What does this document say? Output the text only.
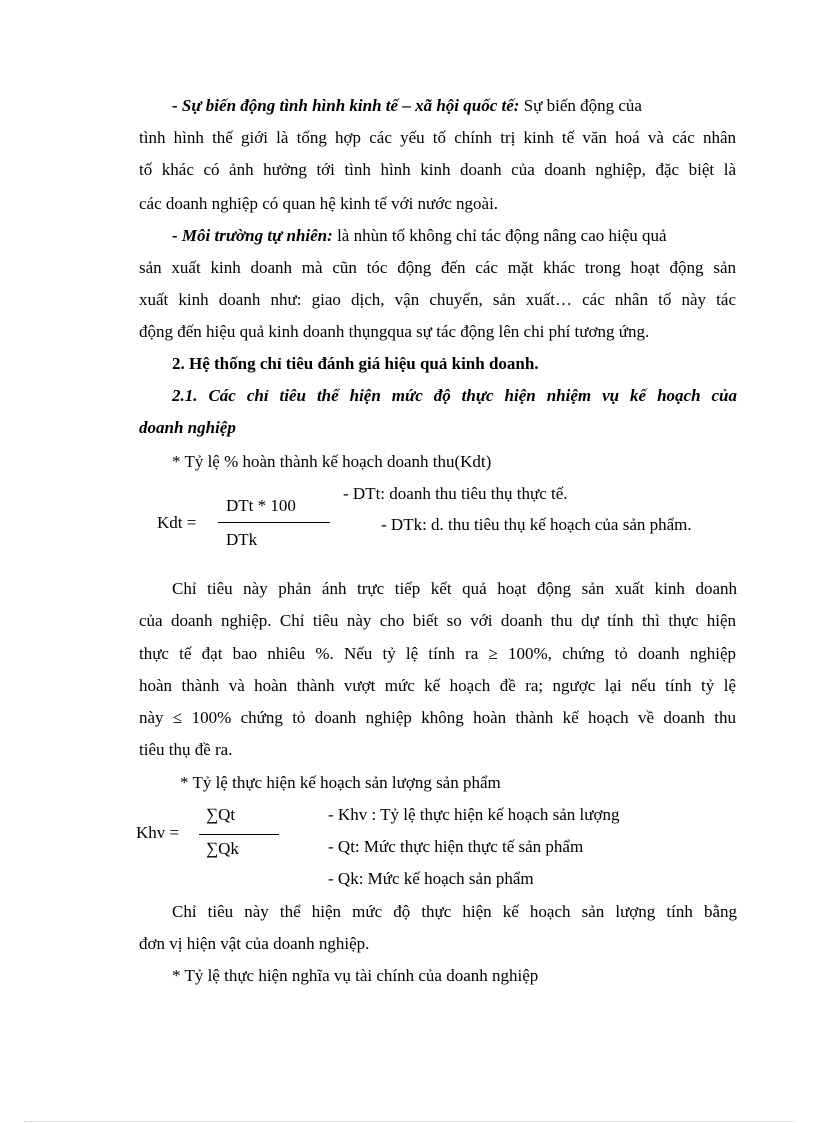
- Sự biến động tình hình kinh tế – xã hội quốc tế: Sự biến động của
tình hình thế giới là tổng hợp các yếu tố chính trị kinh tế văn hoá và các nhân
tố khác có ảnh hưởng tới tình hình kinh doanh của doanh nghiệp, đặc biệt là
các doanh nghiệp có quan hệ kinh tế với nước ngoài.
- Môi trường tự nhiên: là nhùn tố không chỉ tác động nâng cao hiệu quả
sản xuất kinh doanh mà cũn tóc động đến các mặt khác trong hoạt động sản
xuất kinh doanh như: giao dịch, vận chuyển, sản xuất… các nhân tố này tác
động đến hiệu quả kinh doanh thụngqua sự tác động lên chi phí tương ứng.
2. Hệ thống chỉ tiêu đánh giá hiệu quả kinh doanh.
2.1. Các chỉ tiêu thể hiện mức độ thực hiện nhiệm vụ kế hoạch của
doanh nghiệp
* Tỷ lệ % hoàn thành kế hoạch doanh thu(Kdt)
Kdt =
DTt * 100
DTk
- DTt: doanh thu tiêu thụ thực tế.
- DTk: d. thu tiêu thụ kế hoạch của sản phẩm.
Chỉ tiêu này phản ánh trực tiếp kết quả hoạt động sản xuất kinh doanh
của doanh nghiệp. Chỉ tiêu này cho biết so với doanh thu dự tính thì thực hiện
thực tế đạt bao nhiêu %. Nếu tỷ lệ tính ra ≥ 100%, chứng tỏ doanh nghiệp
hoàn thành và hoàn thành vượt mức kế hoạch đề ra; ngược lại nếu tính tỷ lệ
này ≤ 100% chứng tỏ doanh nghiệp không hoàn thành kế hoạch về doanh thu
tiêu thụ đề ra.
* Tỷ lệ thực hiện kế hoạch sản lượng sản phẩm
Khv =
∑Qt
∑Qk
- Khv : Tỷ lệ thực hiện kế hoạch sản lượng
- Qt: Mức thực hiện thực tế sản phẩm
- Qk: Mức kế hoạch sản phẩm
Chỉ tiêu này thể hiện mức độ thực hiện kế hoạch sản lượng tính bằng
đơn vị hiện vật của doanh nghiệp.
* Tỷ lệ thực hiện nghĩa vụ tài chính của doanh nghiệp
